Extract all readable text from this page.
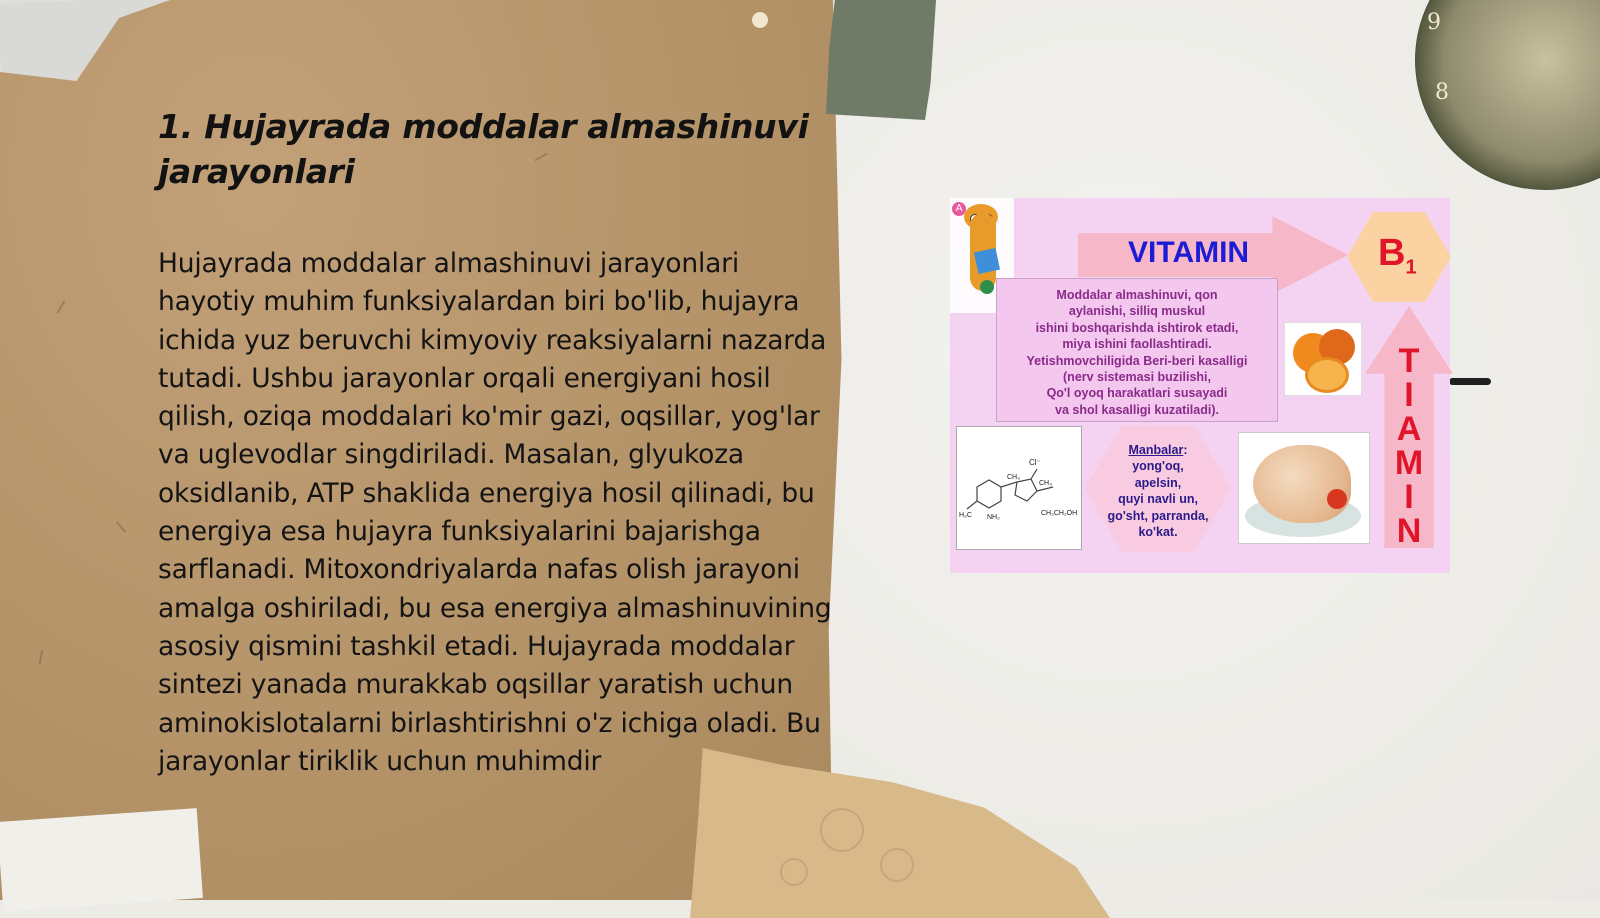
9
8
1. Hujayrada moddalar almashinuvi jarayonlari

Hujayrada moddalar almashinuvi jarayonlari hayotiy muhim funksiyalardan biri bo'lib, hujayra ichida yuz beruvchi kimyoviy reaksiyalarni nazarda tutadi. Ushbu jarayonlar orqali energiyani hosil qilish, oziqa moddalari ko'mir gazi, oqsillar, yog'lar va uglevodlar singdiriladi. Masalan, glyukoza oksidlanib, ATP shaklida energiya hosil qilinadi, bu energiya esa hujayra funksiyalarini bajarishga sarflanadi. Mitoxondriyalarda nafas olish jarayoni amalga oshiriladi, bu esa energiya almashinuvining asosiy qismini tashkil etadi. Hujayrada moddalar sintezi yanada murakkab oqsillar yaratish uchun aminokislotalarni birlashtirishni o'z ichiga oladi. Bu jarayonlar tiriklik uchun muhimdir

A
VITAMIN	$B_1$

Moddalar almashinuvi, qon
aylanishi, silliq muskul
ishini boshqarishda ishtirok etadi,
miya ishini faollashtiradi.
Yetishmovchiligida Beri-beri kasalligi
(nerv sistemasi buzilishi,
Qo'l oyoq harakatlari susayadi
va shol kasalligi kuzatiladi).

T
I
A
M
I
N
Cl⁻
CH₃
CH₃
H₃C NH₂
CH₂CH₂OH
Manbalar:
yong'oq,
apelsin,
quyi navli un,
go'sht, parranda,
ko'kat.
